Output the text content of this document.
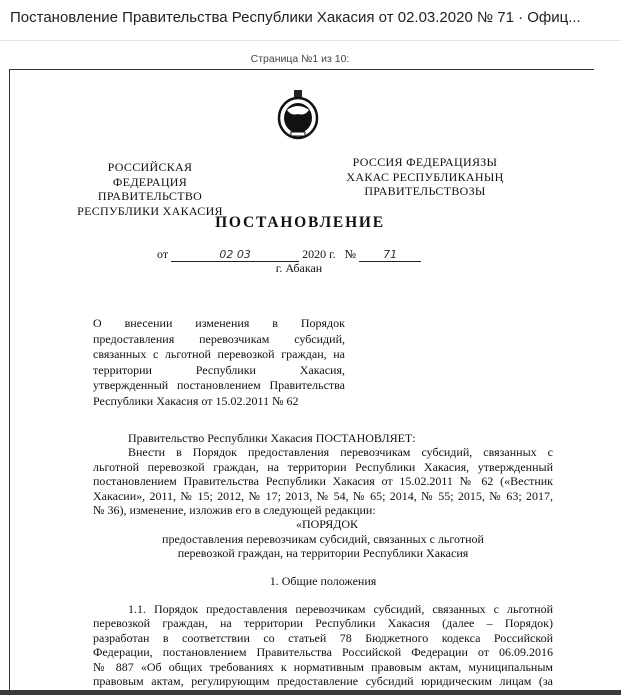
Постановление Правительства Республики Хакасия от 02.03.2020 № 71 · Офиц...
Страница №1 из 10:
РОССИЙСКАЯ ФЕДЕРАЦИЯ
ПРАВИТЕЛЬСТВО
РЕСПУБЛИКИ ХАКАСИЯ
РОССИЯ ФЕДЕРАЦИЯЗЫ
ХАКАС РЕСПУБЛИКАНЫҢ
ПРАВИТЕЛЬСТВОЗЫ
ПОСТАНОВЛЕНИЕ
от	02 03	2020 г. № 71
г. Абакан
О внесении изменения в Порядок
предоставления перевозчикам субсидий,
связанных с льготной перевозкой граждан, на
территории Республики Хакасия,
утвержденный постановлением Правительства
Республики Хакасия от 15.02.2011 № 62
Правительство Республики Хакасия ПОСТАНОВЛЯЕТ:
Внести в Порядок предоставления перевозчикам субсидий, связанных с
льготной перевозкой граждан, на территории Республики Хакасия, утвержденный
постановлением Правительства Республики Хакасия от 15.02.2011 № 62 («Вестник
Хакасии», 2011, № 15; 2012, № 17; 2013, № 54, № 65; 2014, № 55; 2015, № 63; 2017,
№ 36), изменение, изложив его в следующей редакции:
«ПОРЯДОК
предоставления перевозчикам субсидий, связанных с льготной
перевозкой граждан, на территории Республики Хакасия
1. Общие положения
1.1. Порядок предоставления перевозчикам субсидий, связанных с льготной
перевозкой граждан, на территории Республики Хакасия (далее – Порядок)
разработан в соответствии со статьей 78 Бюджетного кодекса Российской
Федерации, постановлением Правительства Российской Федерации от 06.09.2016
№ 887 «Об общих требованиях к нормативным правовым актам, муниципальным
правовым актам, регулирующим предоставление субсидий юридическим лицам (за
